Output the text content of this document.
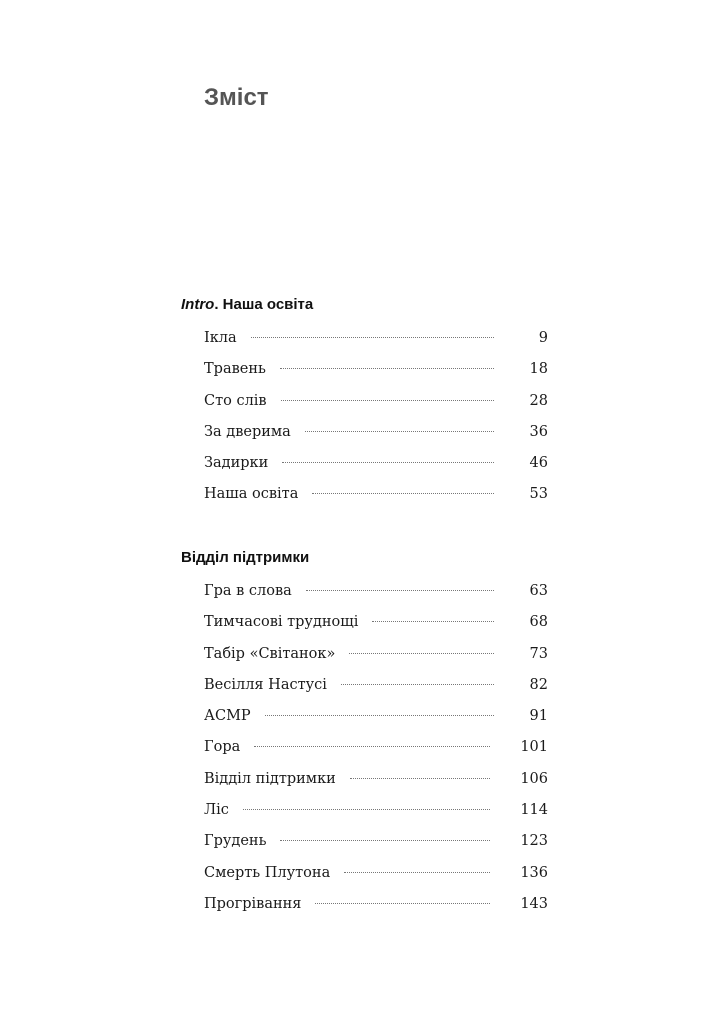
Зміст
Intro. Наша освіта
Ікла	9
Травень	18
Сто слів	28
За дверима	36
Задирки	46
Наша освіта	53
Відділ підтримки
Гра в слова	63
Тимчасові труднощі	68
Табір «Світанок»	73
Весілля Настусі	82
АСМР	91
Гора	101
Відділ підтримки	106
Ліс	114
Грудень	123
Смерть Плутона	136
Прогрівання	143
